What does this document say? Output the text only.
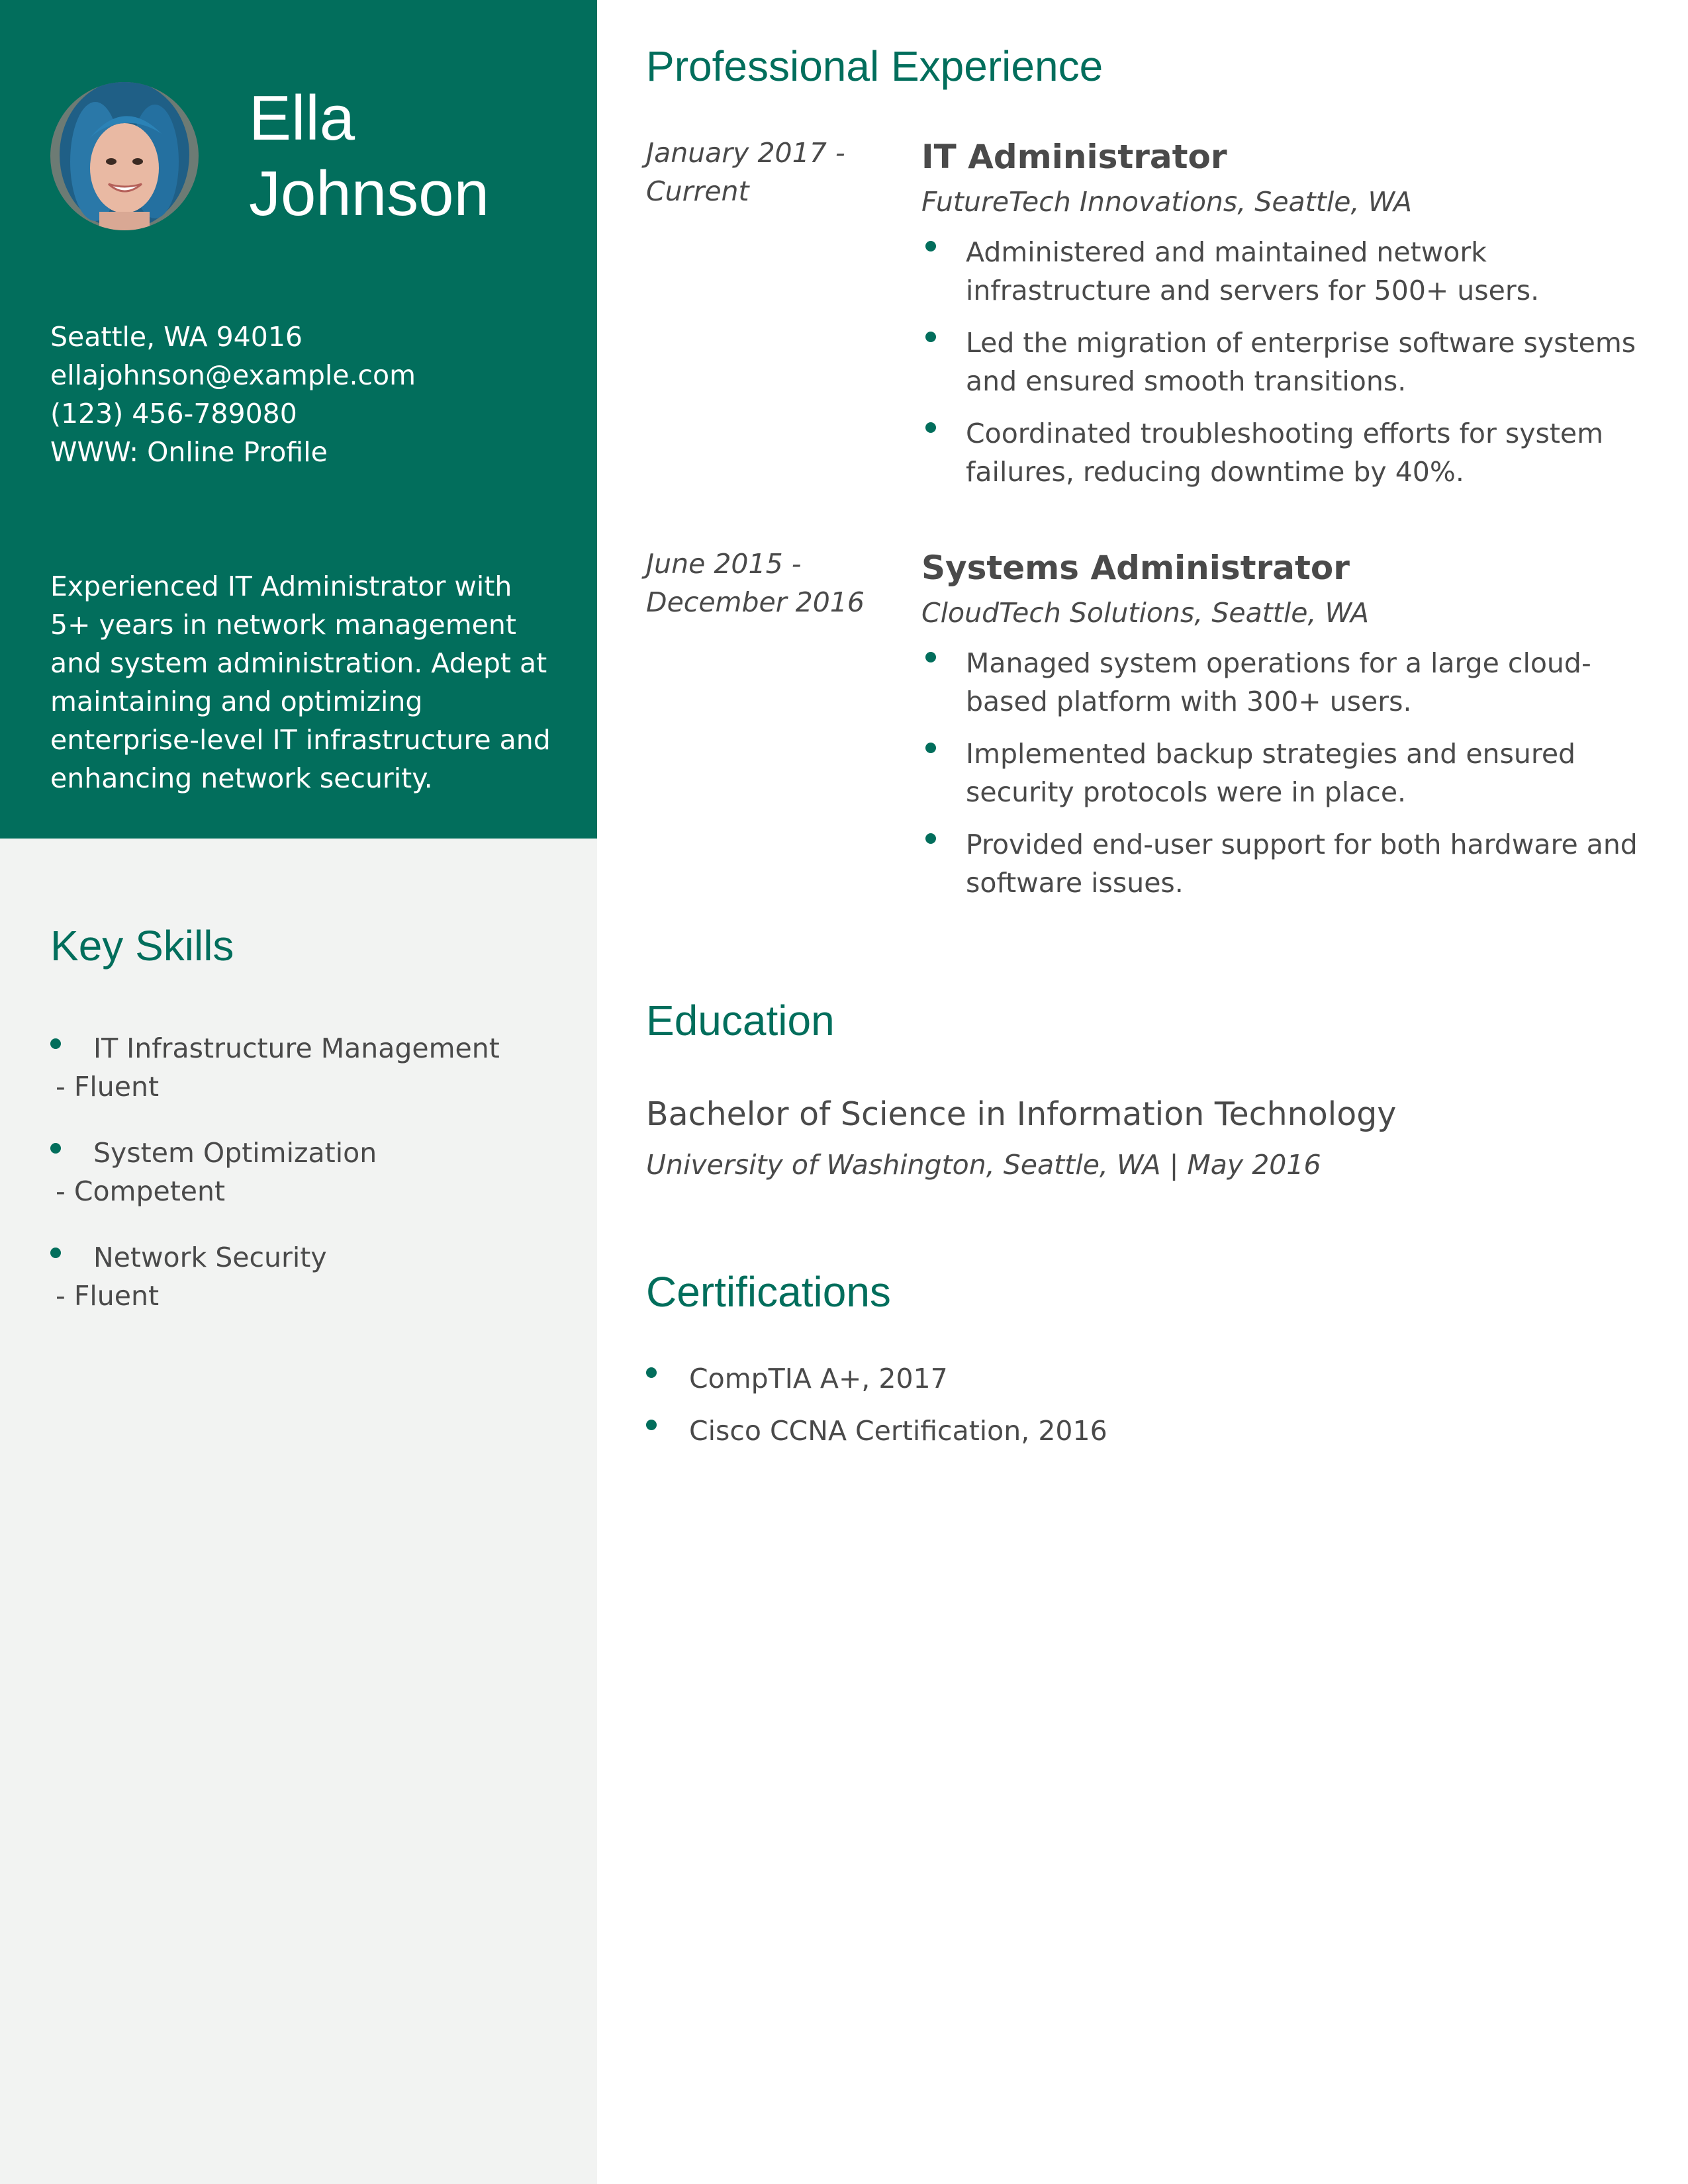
Ella
Johnson
Seattle, WA 94016
ellajohnson@example.com
(123) 456-789080
WWW: Online Profile
Experienced IT Administrator with 5+ years in network management and system administration. Adept at maintaining and optimizing enterprise-level IT infrastructure and enhancing network security.
Key Skills
IT Infrastructure Management
- Fluent
System Optimization
- Competent
Network Security
- Fluent
Professional Experience
January 2017 - Current
IT Administrator
FutureTech Innovations, Seattle, WA
Administered and maintained network infrastructure and servers for 500+ users.
Led the migration of enterprise software systems and ensured smooth transitions.
Coordinated troubleshooting efforts for system failures, reducing downtime by 40%.
June 2015 - December 2016
Systems Administrator
CloudTech Solutions, Seattle, WA
Managed system operations for a large cloud-based platform with 300+ users.
Implemented backup strategies and ensured security protocols were in place.
Provided end-user support for both hardware and software issues.
Education
Bachelor of Science in Information Technology
University of Washington, Seattle, WA | May 2016
Certifications
CompTIA A+, 2017
Cisco CCNA Certification, 2016
